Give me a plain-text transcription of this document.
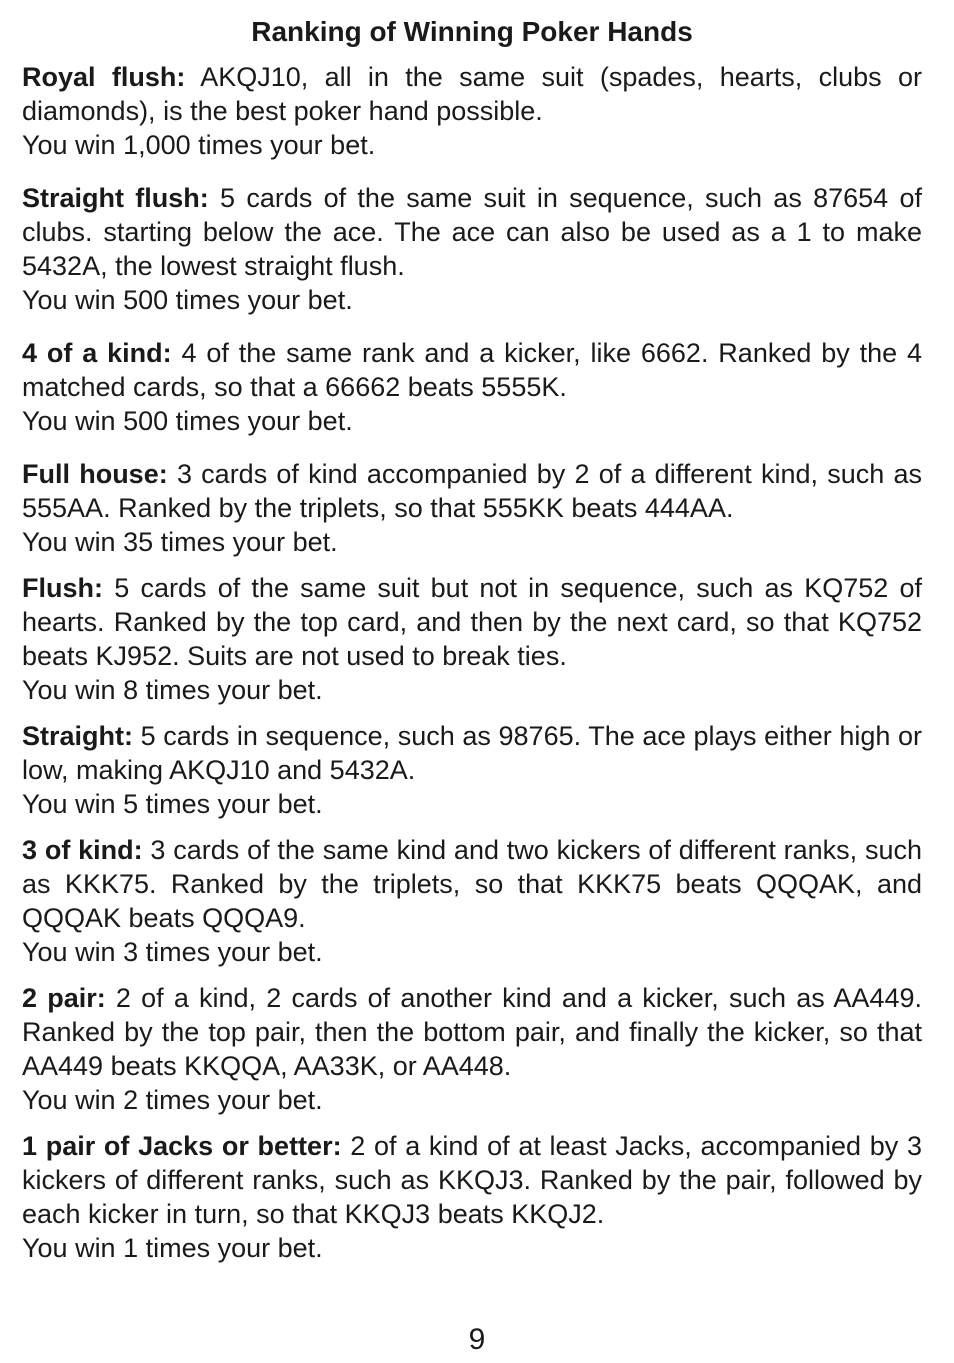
Ranking of Winning Poker Hands

Royal flush: AKQJ10, all in the same suit (spades, hearts, clubs or diamonds), is the best poker hand possible.

You win 1,000 times your bet.

Straight flush: 5 cards of the same suit in sequence, such as 87654 of clubs. starting below the ace. The ace can also be used as a 1 to make 5432A, the lowest straight flush.

You win 500 times your bet.

4 of a kind: 4 of the same rank and a kicker, like 6662. Ranked by the 4 matched cards, so that a 66662 beats 5555K.

You win 500 times your bet.

Full house: 3 cards of kind accompanied by 2 of a different kind, such as 555AA. Ranked by the triplets, so that 555KK beats 444AA.

You win 35 times your bet.

Flush: 5 cards of the same suit but not in sequence, such as KQ752 of hearts. Ranked by the top card, and then by the next card, so that KQ752 beats KJ952. Suits are not used to break ties.

You win 8 times your bet.

Straight: 5 cards in sequence, such as 98765. The ace plays either high or low, making AKQJ10 and 5432A.

You win 5 times your bet.

3 of kind: 3 cards of the same kind and two kickers of different ranks, such as KKK75. Ranked by the triplets, so that KKK75 beats QQQAK, and QQQAK beats QQQA9.

You win 3 times your bet.

2 pair: 2 of a kind, 2 cards of another kind and a kicker, such as AA449. Ranked by the top pair, then the bottom pair, and finally the kicker, so that AA449 beats KKQQA, AA33K, or AA448.

You win 2 times your bet.

1 pair of Jacks or better: 2 of a kind of at least Jacks, accompanied by 3 kickers of different ranks, such as KKQJ3. Ranked by the pair, followed by each kicker in turn, so that KKQJ3 beats KKQJ2.

You win 1 times your bet.

9
